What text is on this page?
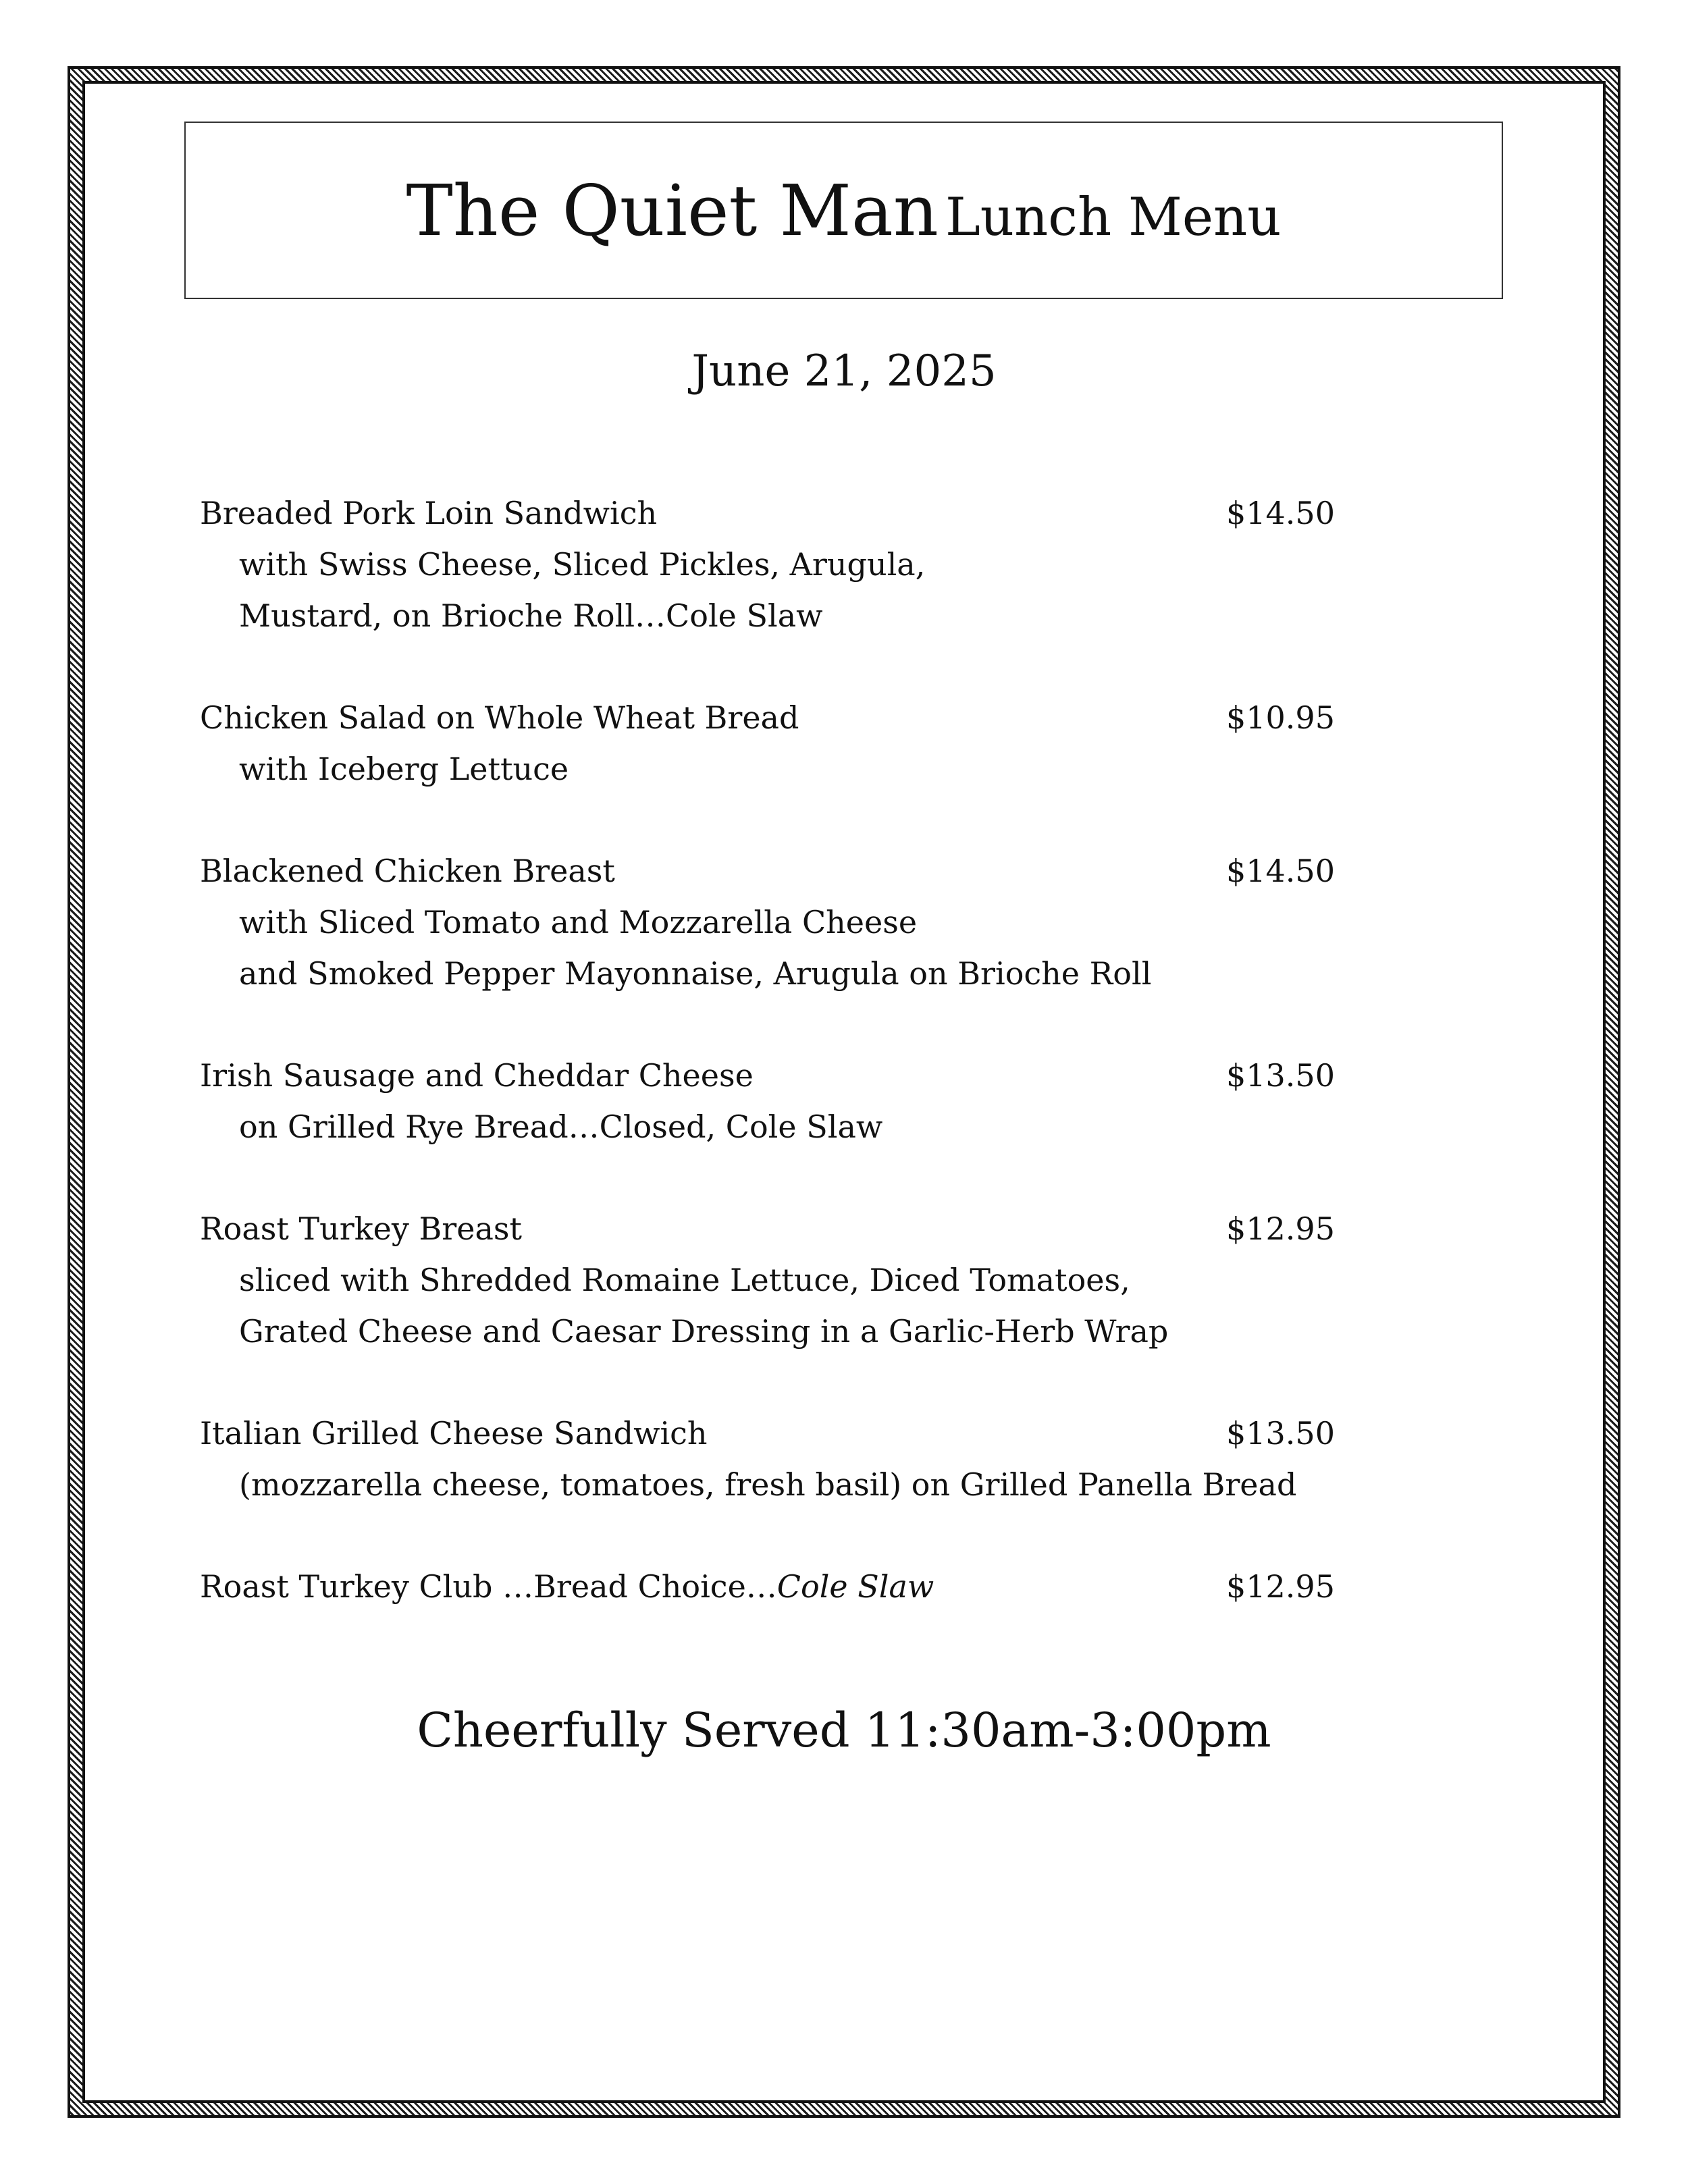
The Quiet Man Lunch Menu

June 21, 2025

Breaded Pork Loin Sandwich	$14.50
with Swiss Cheese, Sliced Pickles, Arugula,
Mustard, on Brioche Roll…Cole Slaw
Chicken Salad on Whole Wheat Bread	$10.95
with Iceberg Lettuce
Blackened Chicken Breast	$14.50
with Sliced Tomato and Mozzarella Cheese
and Smoked Pepper Mayonnaise, Arugula on Brioche Roll
Irish Sausage and Cheddar Cheese	$13.50
on Grilled Rye Bread…Closed, Cole Slaw
Roast Turkey Breast	$12.95
sliced with Shredded Romaine Lettuce, Diced Tomatoes,
Grated Cheese and Caesar Dressing in a Garlic-Herb Wrap
Italian Grilled Cheese Sandwich	$13.50
(mozzarella cheese, tomatoes, fresh basil) on Grilled Panella Bread
Roast Turkey Club …Bread Choice…Cole Slaw	$12.95

Cheerfully Served 11:30am-3:00pm
